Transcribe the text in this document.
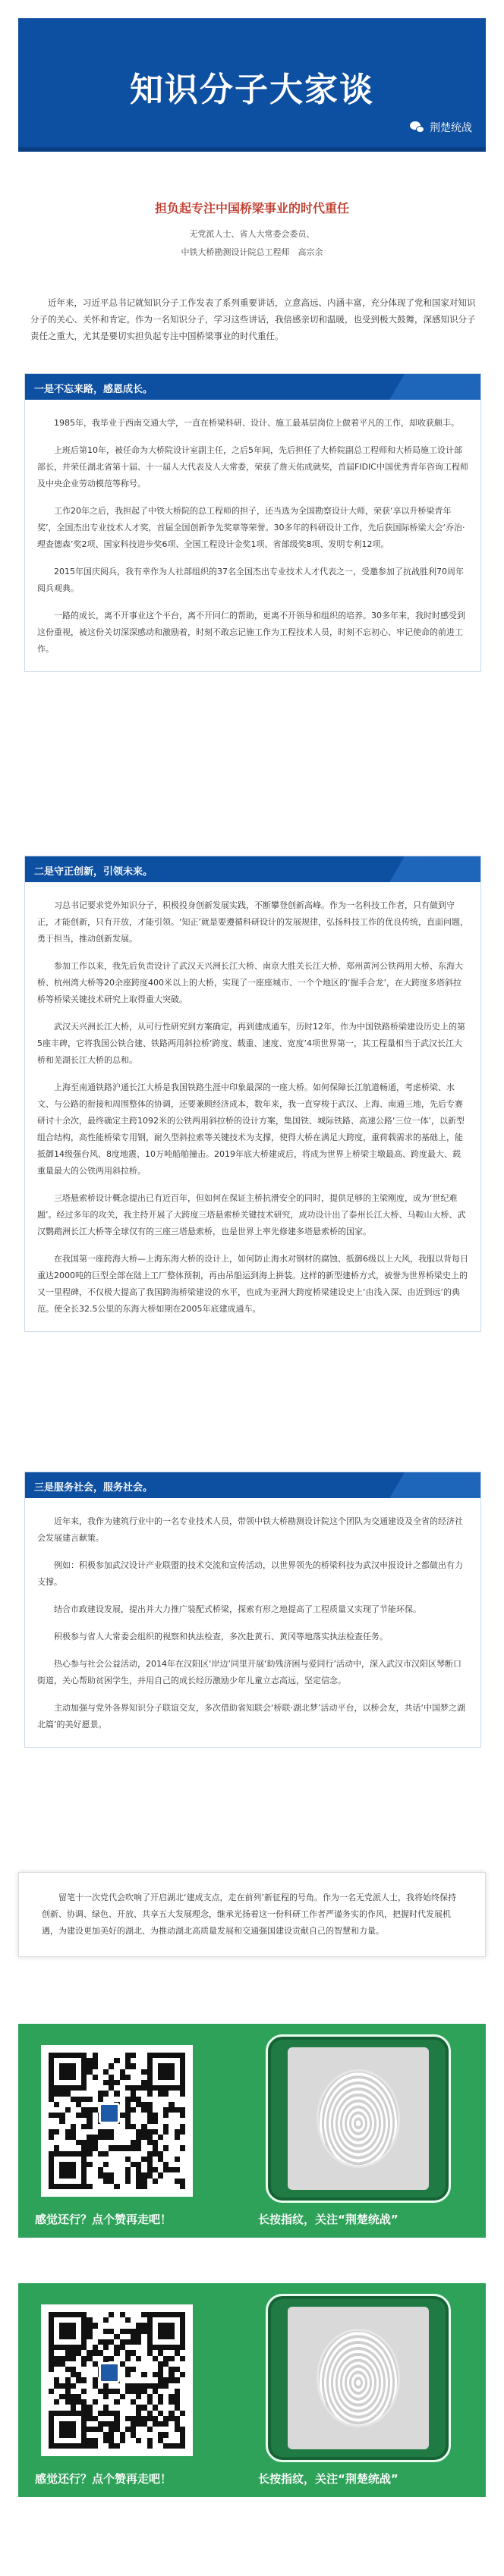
知识分子大家谈
荆楚统战
担负起专注中国桥梁事业的时代重任
无党派人士、省人大常委会委员、
中铁大桥勘测设计院总工程师　高宗余

近年来，习近平总书记就知识分子工作发表了系列重要讲话，立意高远、内涵丰富，充分体现了党和国家对知识分子的关心、关怀和肯定。作为一名知识分子，学习这些讲话，我倍感亲切和温暖，也受到极大鼓舞，深感知识分子责任之重大，尤其是要切实担负起专注中国桥梁事业的时代重任。

一是不忘来路，感恩成长。

1985年，我毕业于西南交通大学，一直在桥梁科研、设计、施工最基层岗位上做着平凡的工作，却收获颇丰。

上班后第10年，被任命为大桥院设计室副主任，之后5年间，先后担任了大桥院副总工程师和大桥局施工设计部部长，并荣任湖北省第十届、十一届人大代表及人大常委，荣获了詹天佑成就奖，首届FIDIC中国优秀青年咨询工程师及中央企业劳动模范等称号。

工作20年之后，我担起了中铁大桥院的总工程师的担子，还当选为全国勘察设计大师，荣获‘享以升桥梁青年奖’，全国杰出专业技术人才奖，首届全国创新争先奖章等荣誉。30多年的科研设计工作，先后获国际桥梁大会‘乔治·理查德森’奖2项、国家科技进步奖6项、全国工程设计金奖1项、省部级奖8项、发明专利12项。

2015年国庆阅兵，我有幸作为人社部组织的37名全国杰出专业技术人才代表之一，受邀参加了抗战胜利70周年阅兵观典。

一路的成长，离不开事业这个平台，离不开同仁的帮助，更离不开领导和组织的培养。30多年来，我时时感受到这份重视，被这份关切深深感动和激励着，时刻不敢忘记施工作为工程技术人员，时刻不忘初心、牢记使命的前进工作。

二是守正创新，引领未来。

习总书记要求党外知识分子，积极投身创新发展实践，不断攀登创新高峰。作为一名科技工作者，只有做到守正，才能创新，只有开放，才能引领。‘知正’就是要遵循科研设计的发展规律，弘扬科技工作的优良传统，直面问题，勇于担当，推动创新发展。

参加工作以来，我先后负责设计了武汉天兴洲长江大桥、南京大胜关长江大桥、郑州黄河公铁两用大桥、东海大桥、杭州湾大桥等20余座跨度400米以上的大桥，实现了一座座城市、一个个地区的‘握手合龙’，在大跨度多塔斜拉桥等桥梁关键技术研究上取得重大突破。

武汉天兴洲长江大桥，从可行性研究到方案确定，再到建成通车，历时12年，作为中国铁路桥梁建设历史上的第5座丰碑，它将我国公铁合建、铁路两用斜拉桥‘跨度、载重、速度、宽度’4项世界第一，其工程量相当于武汉长江大桥和芜湖长江大桥的总和。

上海至南通铁路沪通长江大桥是我国铁路生涯中印象最深的一座大桥。如何保障长江航道畅通，考虑桥梁、水文、与公路的衔接和周围整体的协调，还要兼顾经济成本，数年来，我一直穿梭于武汉、上海、南通三地，先后专赛研讨十余次，最终确定主跨1092米的公铁两用斜拉桥的设计方案，集国铁、城际铁路、高速公路‘三位一体’，以新型组合结构，高性能桥梁专用钢，耐久型斜拉索等关键技术为支撑，使得大桥在满足大跨度，重荷载需求的基础上，能抵御14级强台风、8度地震、10万吨船舶撞击。2019年底大桥建成后，将成为世界上桥梁主墩最高、跨度最大、载重量最大的公铁两用斜拉桥。

三塔悬索桥设计概念提出已有近百年，但如何在保证主桥抗滑安全的同时，提供足够的主梁刚度，成为‘世纪难题’。经过多年的攻关，我主持开展了大跨度三塔悬索桥关键技术研究，成功设计出了泰州长江大桥、马鞍山大桥、武汉鹦鹉洲长江大桥等全球仅有的三座三塔悬索桥，也是世界上率先修建多塔悬索桥的国家。

在我国第一座跨海大桥—上海东海大桥的设计上，如何防止海水对钢材的腐蚀、抵御6级以上大风，我服以背每日重达2000吨的巨型全部在陆上工厂整体预制，再由吊船运到海上拼装。这样的新型建桥方式，被誉为世界桥梁史上的又一里程碑，不仅极大提高了我国跨海桥梁建设的水平，也成为亚洲大跨度桥梁建设史上‘由浅入深、由近到远’的典范。使全长32.5公里的东海大桥如期在2005年底建成通车。

三是服务社会，服务社会。

近年来，我作为建筑行业中的一名专业技术人员，带领中铁大桥勘测设计院这个团队为交通建设及全省的经济社会发展建言献策。

例如：积极参加武汉设计产业联盟的技术交流和宣传活动，以世界领先的桥梁科技为武汉申报设计之都做出有力支撑。

结合市政建设发展，提出并大力推广装配式桥梁，探索有形之地提高了工程质量又实现了节能环保。

积极参与省人大常委会组织的视察和执法检查，多次赴黄石、黄冈等地落实执法检查任务。

热心参与社会公益活动，2014年在汉阳区‘岸边’同里开展‘助残济困与爱同行’活动中，深入武汉市汉阳区琴断口街道，关心帮助贫困学生，并用自己的成长经历激励少年儿童立志高远，坚定信念。

主动加强与党外各界知识分子联谊交友，多次借助省知联会‘桥联·湖北梦’活动平台，以桥会友，共话‘中国梦之湖北篇’的美好愿景。

留笔十一次党代会吹响了开启湖北‘建成支点，走在前列’新征程的号角。作为一名无党派人士，我将始终保持创新、协调、绿色、开放、共享五大发展理念，继承光扬着这一份科研工作者严谨务实的作风，把握时代发展机遇，为建设更加美好的湖北、为推动湖北高质量发展和交通强国建设贡献自己的智慧和力量。

感觉还行？点个赞再走吧！	长按指纹，关注“荆楚统战”
感觉还行？点个赞再走吧！	长按指纹，关注“荆楚统战”
